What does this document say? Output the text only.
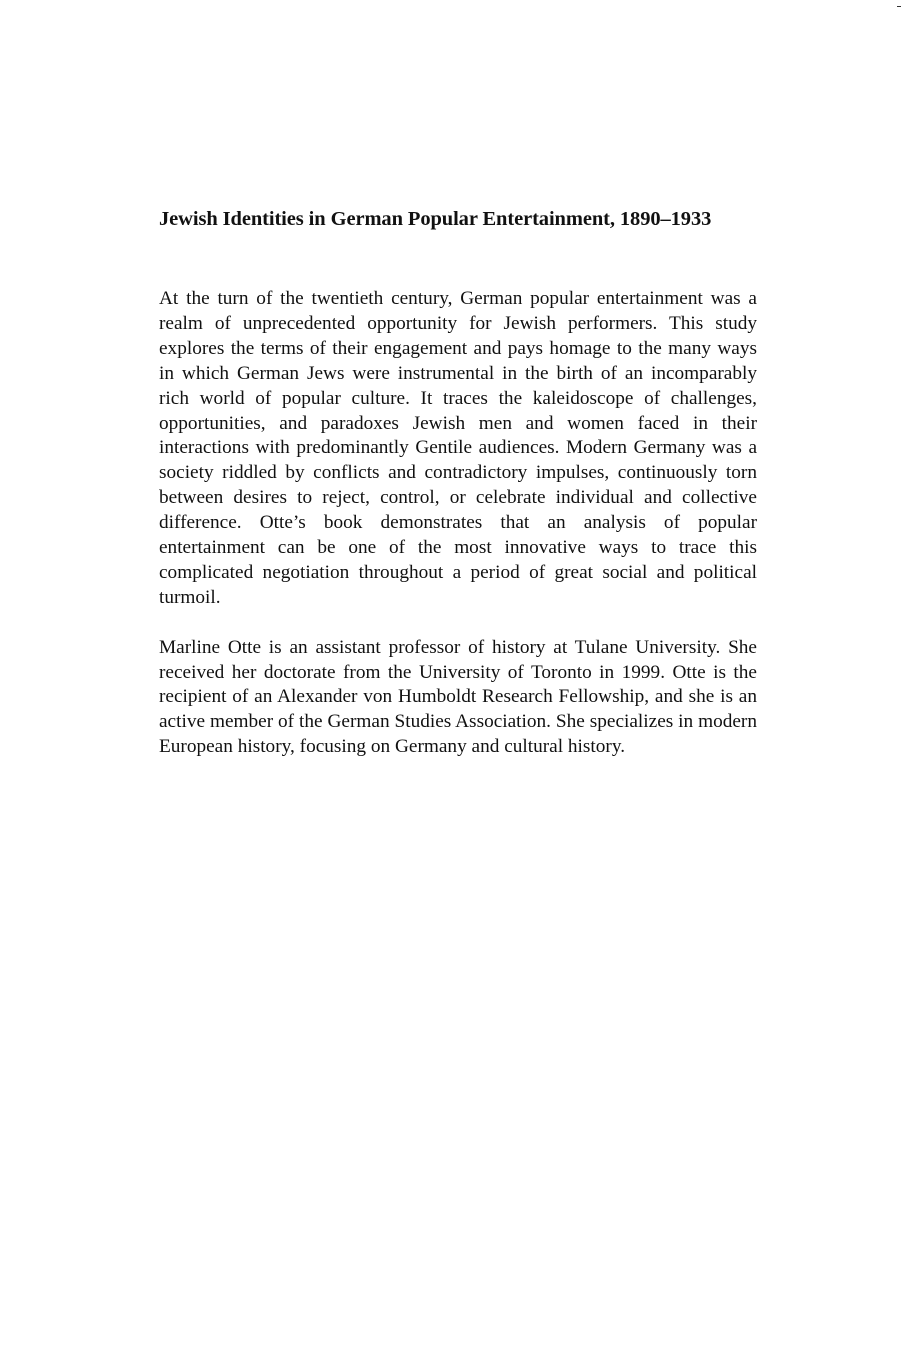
Jewish Identities in German Popular Entertainment, 1890–1933

At the turn of the twentieth century, German popular entertainment was a realm of unprecedented opportunity for Jewish performers. This study explores the terms of their engagement and pays homage to the many ways in which German Jews were instrumental in the birth of an incomparably rich world of popular culture. It traces the kaleidoscope of challenges, opportunities, and paradoxes Jewish men and women faced in their interactions with predominantly Gentile audiences. Modern Germany was a society riddled by conflicts and contradictory impulses, continuously torn between desires to reject, control, or celebrate individual and collective difference. Otte’s book demonstrates that an analysis of popular entertainment can be one of the most innovative ways to trace this complicated negotiation throughout a period of great social and political turmoil.

Marline Otte is an assistant professor of history at Tulane University. She received her doctorate from the University of Toronto in 1999. Otte is the recipient of an Alexander von Humboldt Research Fellowship, and she is an active member of the German Studies Association. She specializes in modern European history, focusing on Germany and cultural history.
